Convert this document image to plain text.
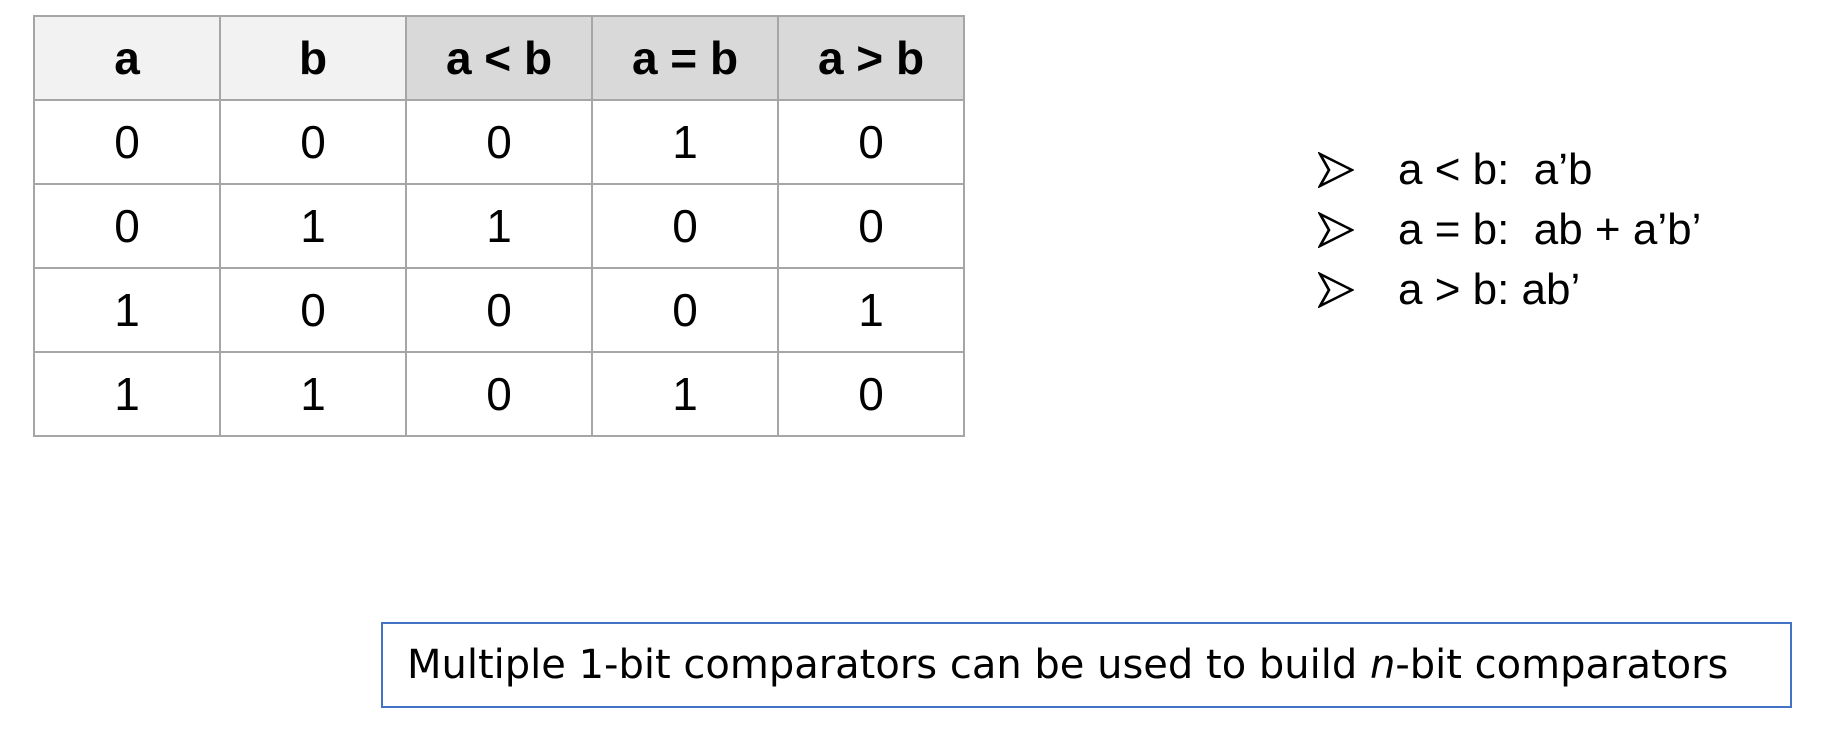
a	b	a < b	a = b	a > b
0	0	0	1	0
0	1	1	0	0
1	0	0	0	1
1	1	0	1	0
a < b:  a’b
a = b:  ab + a’b’
a > b: ab’
Multiple 1-bit comparators can be used to build n -bit comparators
